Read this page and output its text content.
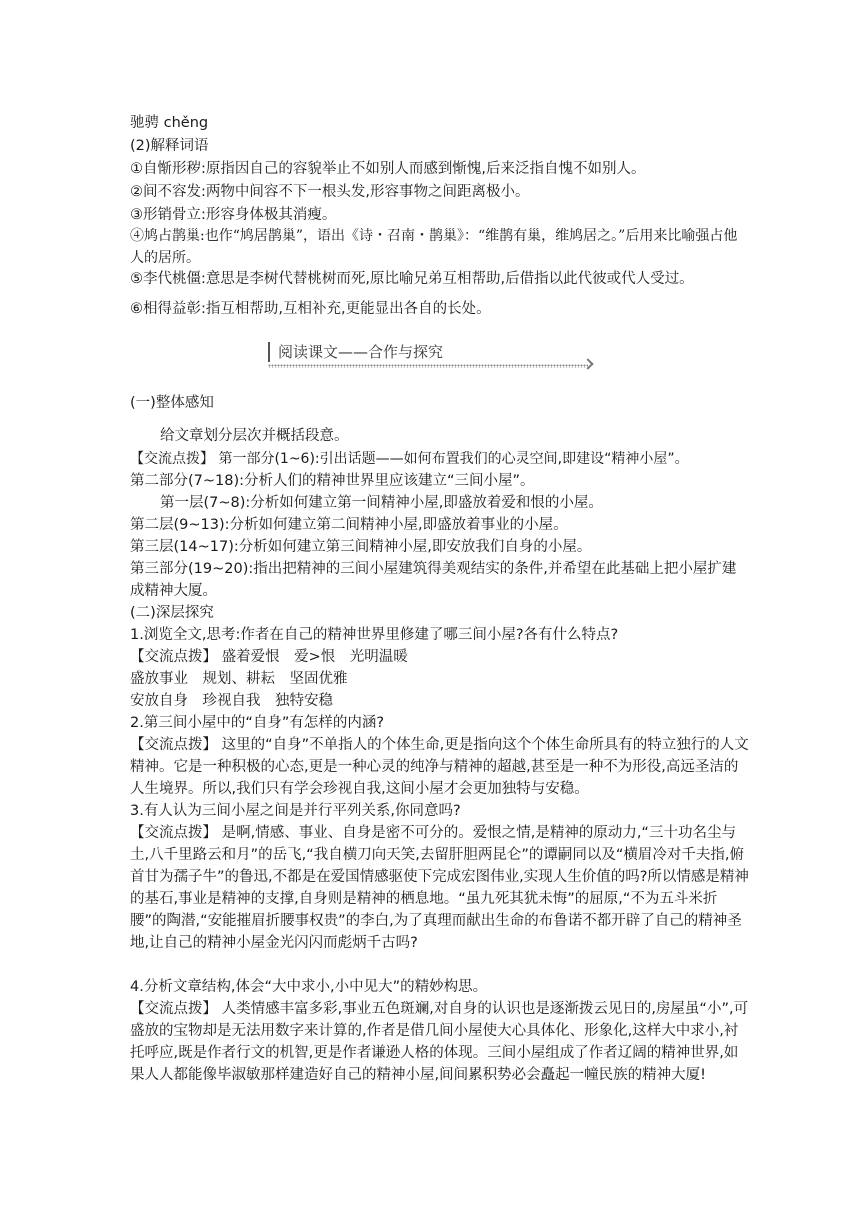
驰骋 chěng
(2)解释词语
①自惭形秽:原指因自己的容貌举止不如别人而感到惭愧,后来泛指自愧不如别人。
②间不容发:两物中间容不下一根头发,形容事物之间距离极小。
③形销骨立:形容身体极其消瘦。
④鸠占鹊巢:也作“鸠居鹊巢”，语出《诗・召南・鹊巢》：“维鹊有巢，维鸠居之。”后用来比喻强占他人的居所。
⑤李代桃僵:意思是李树代替桃树而死,原比喻兄弟互相帮助,后借指以此代彼或代人受过。
⑥相得益彰:指互相帮助,互相补充,更能显出各自的长处。
阅读课文——合作与探究
(一)整体感知
给文章划分层次并概括段意。
【交流点拨】 第一部分(1~6):引出话题——如何布置我们的心灵空间,即建设“精神小屋”。
第二部分(7~18):分析人们的精神世界里应该建立“三间小屋”。
第一层(7~8):分析如何建立第一间精神小屋,即盛放着爱和恨的小屋。
第二层(9~13):分析如何建立第二间精神小屋,即盛放着事业的小屋。
第三层(14~17):分析如何建立第三间精神小屋,即安放我们自身的小屋。
第三部分(19~20):指出把精神的三间小屋建筑得美观结实的条件,并希望在此基础上把小屋扩建成精神大厦。
(二)深层探究
1.浏览全文,思考:作者在自己的精神世界里修建了哪三间小屋?各有什么特点?
【交流点拨】 盛着爱恨　爱>恨　光明温暖
盛放事业　规划、耕耘　坚固优雅
安放自身　珍视自我　独特安稳
2.第三间小屋中的“自身”有怎样的内涵?
【交流点拨】 这里的“自身”不单指人的个体生命,更是指向这个个体生命所具有的特立独行的人文精神。它是一种积极的心态,更是一种心灵的纯净与精神的超越,甚至是一种不为形役,高远圣洁的人生境界。所以,我们只有学会珍视自我,这间小屋才会更加独特与安稳。
3.有人认为三间小屋之间是并行平列关系,你同意吗?
【交流点拨】 是啊,情感、事业、自身是密不可分的。爱恨之情,是精神的原动力,“三十功名尘与土,八千里路云和月”的岳飞,“我自横刀向天笑,去留肝胆两昆仑”的谭嗣同以及“横眉冷对千夫指,俯首甘为孺子牛”的鲁迅,不都是在爱国情感驱使下完成宏图伟业,实现人生价值的吗?所以情感是精神的基石,事业是精神的支撑,自身则是精神的栖息地。“虽九死其犹未悔”的屈原,“不为五斗米折腰”的陶潜,“安能摧眉折腰事权贵”的李白,为了真理而献出生命的布鲁诺不都开辟了自己的精神圣地,让自己的精神小屋金光闪闪而彪炳千古吗?
4.分析文章结构,体会“大中求小,小中见大”的精妙构思。
【交流点拨】 人类情感丰富多彩,事业五色斑斓,对自身的认识也是逐渐拨云见日的,房屋虽“小”,可盛放的宝物却是无法用数字来计算的,作者是借几间小屋使大心具体化、形象化,这样大中求小,衬托呼应,既是作者行文的机智,更是作者谦逊人格的体现。三间小屋组成了作者辽阔的精神世界,如果人人都能像毕淑敏那样建造好自己的精神小屋,间间累积势必会矗起一幢民族的精神大厦!
